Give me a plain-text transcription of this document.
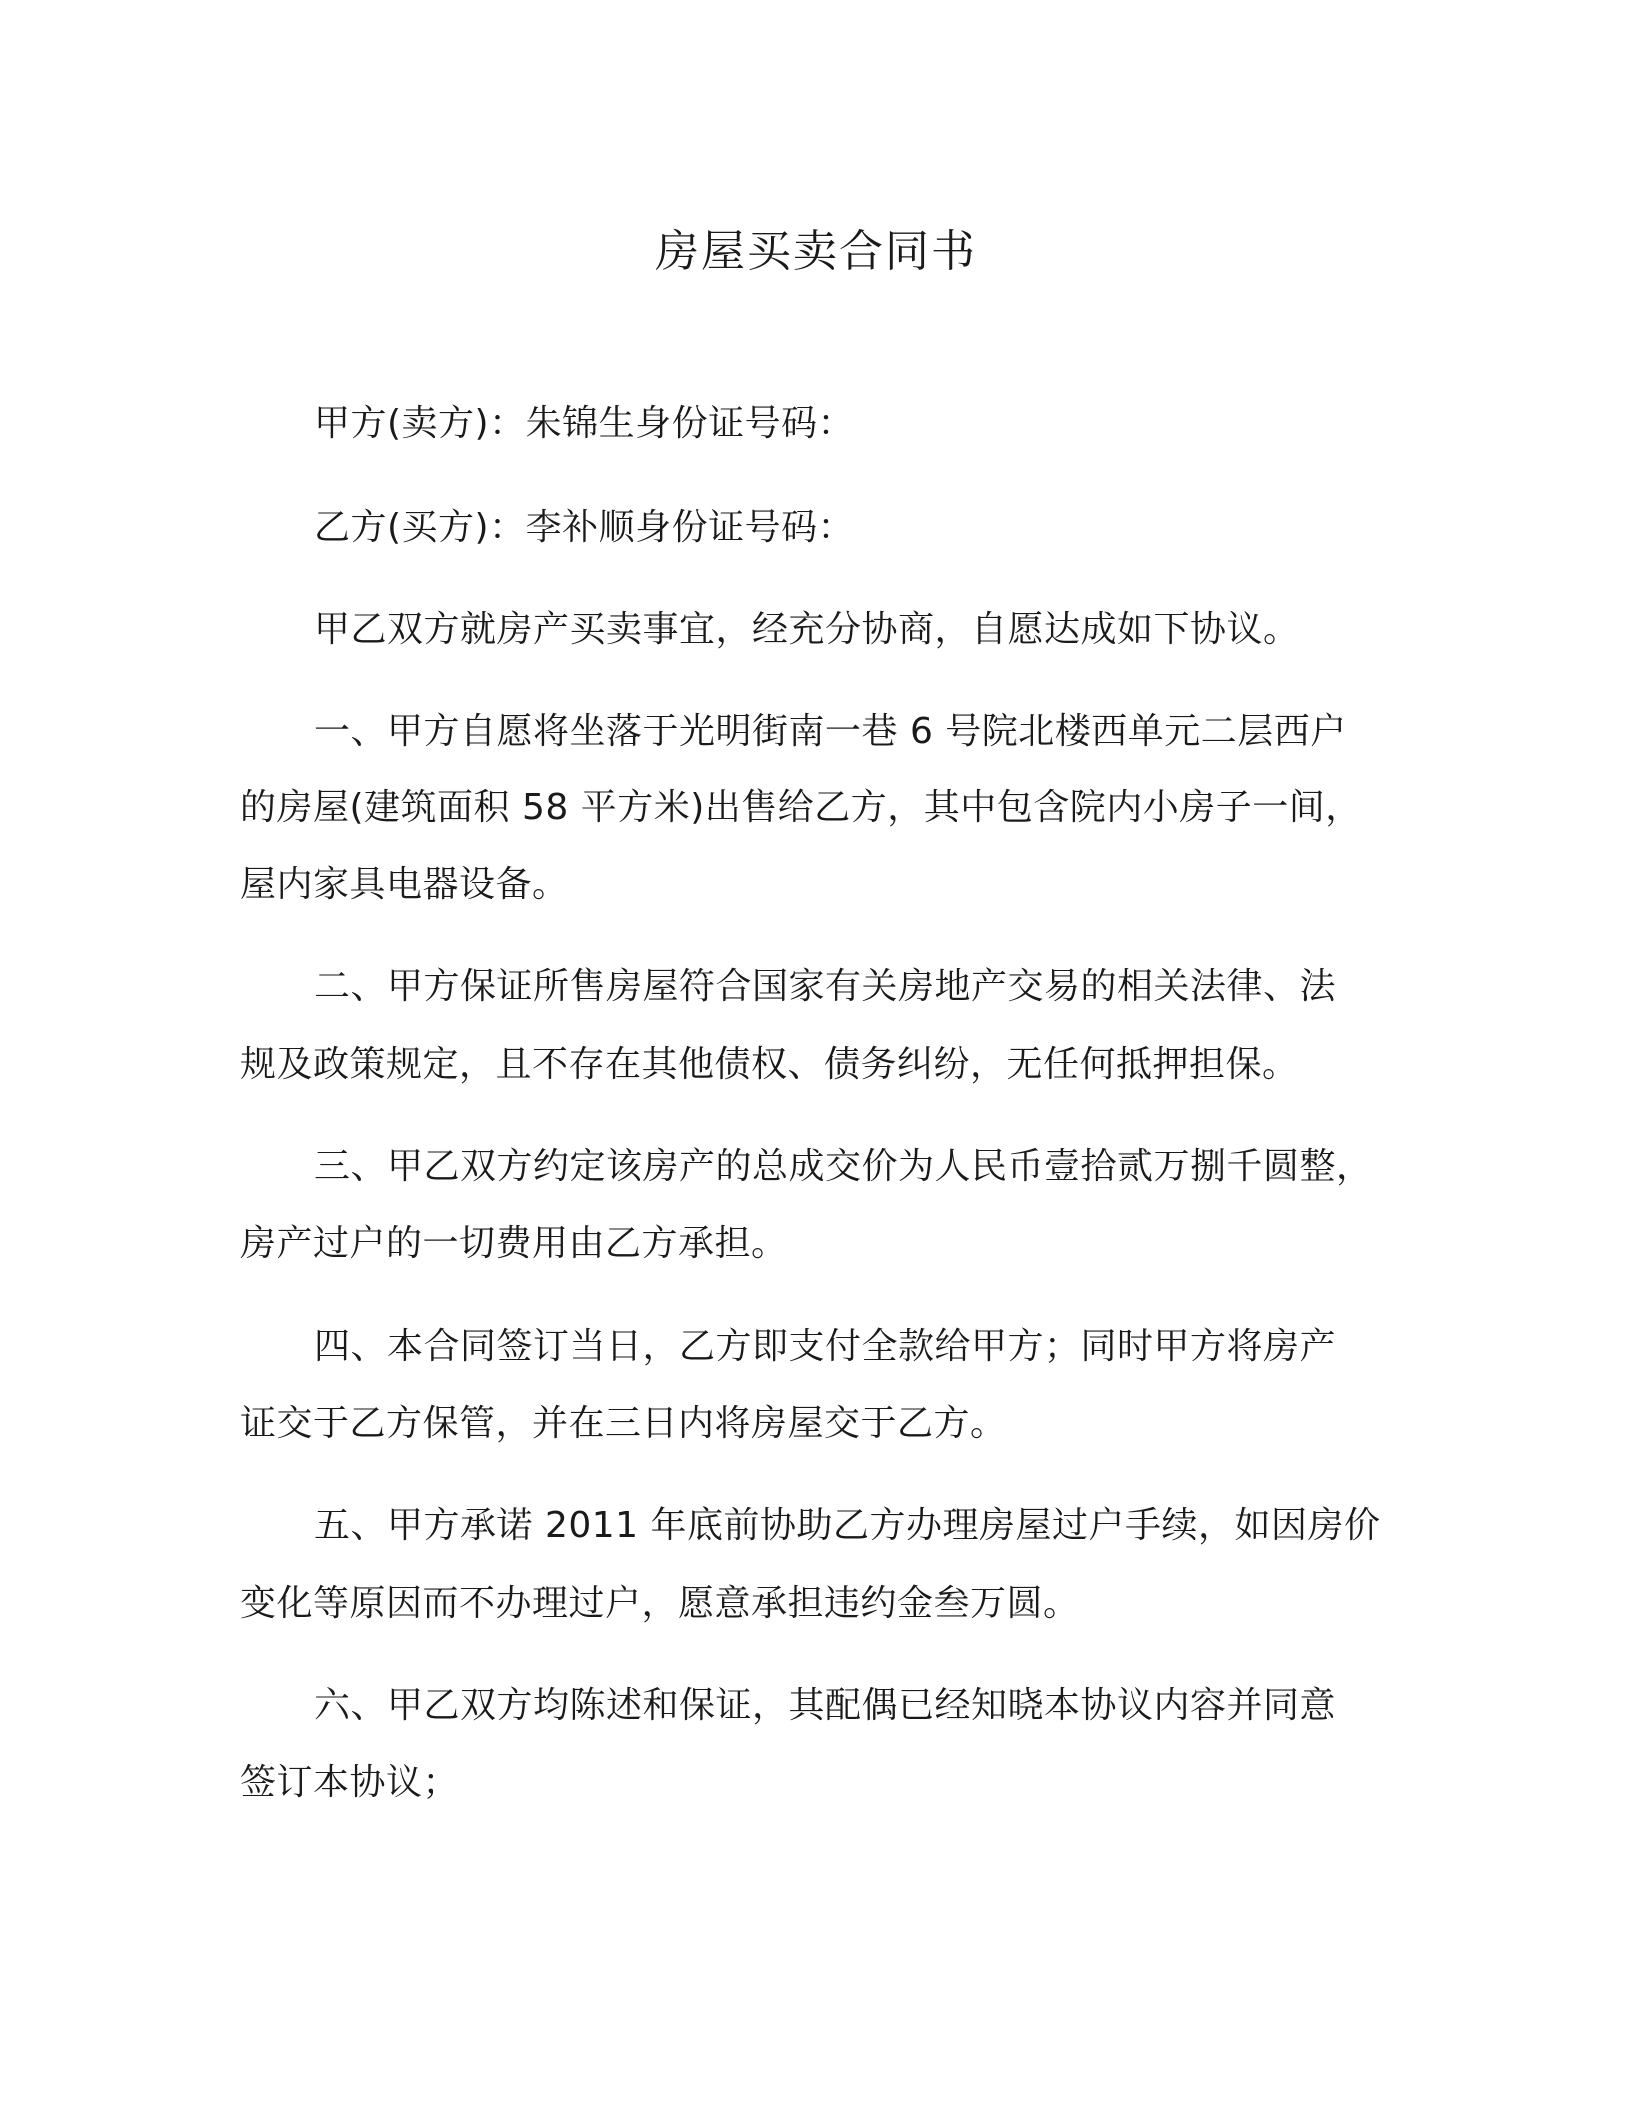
房屋买卖合同书
甲方(卖方)：朱锦生身份证号码：
乙方(买方)：李补顺身份证号码：
甲乙双方就房产买卖事宜，经充分协商，自愿达成如下协议。
一、甲方自愿将坐落于光明街南一巷 6 号院北楼西单元二层西户
的房屋(建筑面积 58 平方米)出售给乙方，其中包含院内小房子一间，
屋内家具电器设备。
二、甲方保证所售房屋符合国家有关房地产交易的相关法律、法
规及政策规定，且不存在其他债权、债务纠纷，无任何抵押担保。
三、甲乙双方约定该房产的总成交价为人民币壹拾贰万捌千圆整，
房产过户的一切费用由乙方承担。
四、本合同签订当日，乙方即支付全款给甲方；同时甲方将房产
证交于乙方保管，并在三日内将房屋交于乙方。
五、甲方承诺 2011 年底前协助乙方办理房屋过户手续，如因房价
变化等原因而不办理过户，愿意承担违约金叁万圆。
六、甲乙双方均陈述和保证，其配偶已经知晓本协议内容并同意
签订本协议；
